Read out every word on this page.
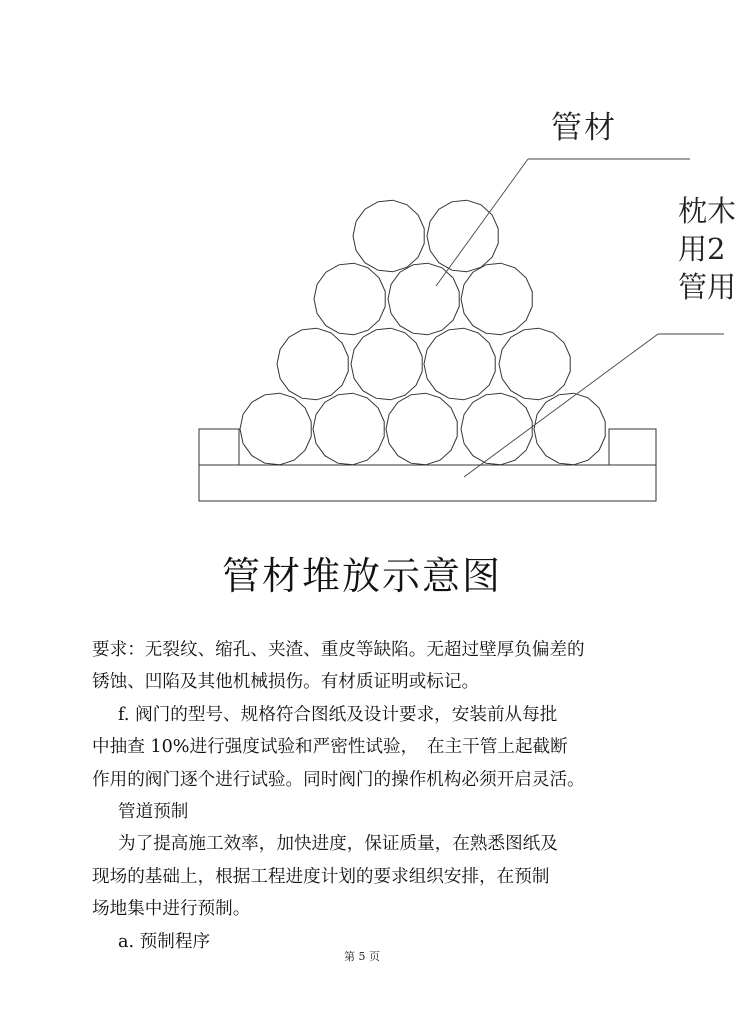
管材
枕木
用2
管用
管材堆放示意图

要求：无裂纹、缩孔、夹渣、重皮等缺陷。无超过壁厚负偏差的

锈蚀、凹陷及其他机械损伤。有材质证明或标记。

f. 阀门的型号、规格符合图纸及设计要求，安装前从每批

中抽查 10%进行强度试验和严密性试验，　在主干管上起截断

作用的阀门逐个进行试验。同时阀门的操作机构必须开启灵活。

管道预制

为了提高施工效率，加快进度，保证质量，在熟悉图纸及

现场的基础上，根据工程进度计划的要求组织安排，在预制

场地集中进行预制。

a. 预制程序

第 5 页
